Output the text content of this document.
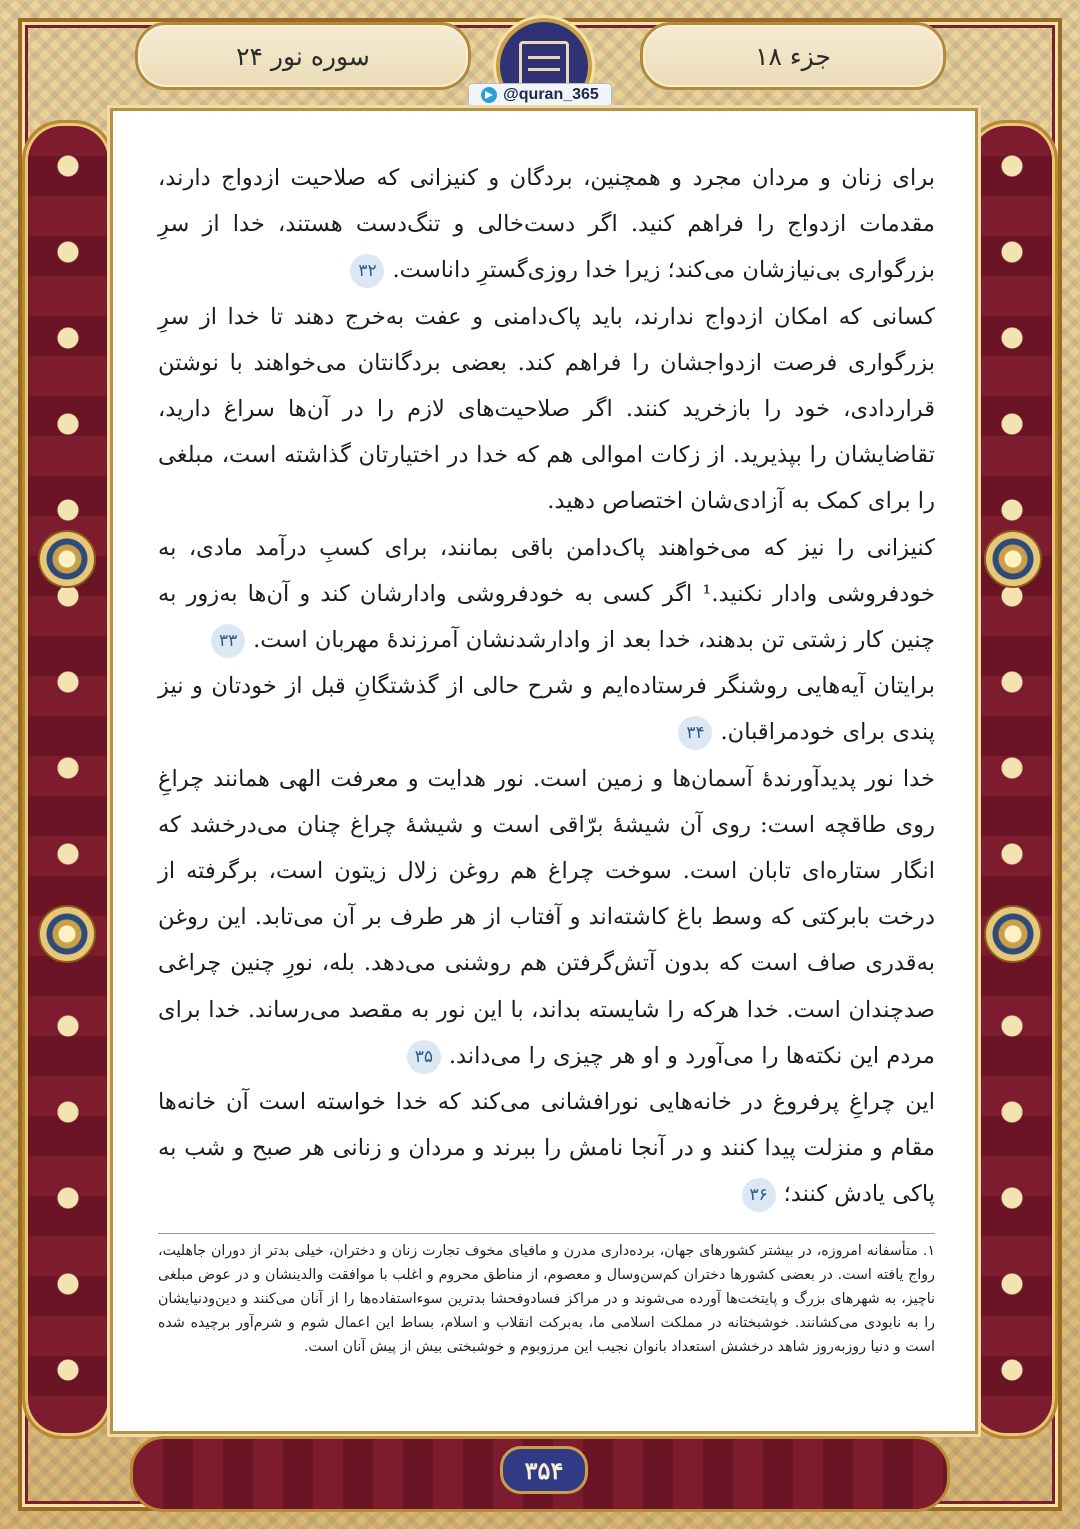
سوره نور ۲۴	جزء ۱۸
@quran_365

برای زنان و مردان مجرد و همچنین، بردگان و کنیزانی که صلاحیت ازدواج دارند، مقدمات ازدواج را فراهم کنید. اگر دست‌خالی و تنگ‌دست هستند، خدا از سرِ بزرگواری بی‌نیازشان می‌کند؛ زیرا خدا روزی‌گسترِ داناست.۳۲

کسانی که امکان ازدواج ندارند، باید پاک‌دامنی و عفت به‌خرج دهند تا خدا از سرِ بزرگواری فرصت ازدواجشان را فراهم کند. بعضی بردگانتان می‌خواهند با نوشتن قراردادی، خود را بازخرید کنند. اگر صلاحیت‌های لازم را در آن‌ها سراغ دارید، تقاضایشان را بپذیرید. از زکات اموالی هم که خدا در اختیارتان گذاشته است، مبلغی را برای کمک به آزادی‌شان اختصاص دهید.

کنیزانی را نیز که می‌خواهند پاک‌دامن باقی بمانند، برای کسبِ درآمد مادی، به خودفروشی وادار نکنید.¹ اگر کسی به خودفروشی وادارشان کند و آن‌ها به‌زور به چنین کار زشتی تن بدهند، خدا بعد از وادارشدنشان آمرزندهٔ مهربان است.۳۳

برایتان آیه‌هایی روشنگر فرستاده‌ایم و شرح حالی از گذشتگانِ قبل از خودتان و نیز پندی برای خودمراقبان.۳۴

خدا نور پدیدآورندهٔ آسمان‌ها و زمین است. نور هدایت و معرفت الهی همانند چراغِ روی طاقچه است: روی آن شیشهٔ برّاقی است و شیشهٔ چراغ چنان می‌درخشد که انگار ستاره‌ای تابان است. سوخت چراغ هم روغن زلال زیتون است، برگرفته از درخت بابرکتی که وسط باغ کاشته‌اند و آفتاب از هر طرف بر آن می‌تابد. این روغن به‌قدری صاف است که بدون آتش‌گرفتن هم روشنی می‌دهد. بله، نورِ چنین چراغی صدچندان است. خدا هرکه را شایسته بداند، با این نور به مقصد می‌رساند. خدا برای مردم این نکته‌ها را می‌آورد و او هر چیزی را می‌داند.۳۵

این چراغِ پرفروغ در خانه‌هایی نورافشانی می‌کند که خدا خواسته است آن خانه‌ها مقام و منزلت پیدا کنند و در آنجا نامش را ببرند و مردان و زنانی هر صبح و شب به پاکی یادش کنند؛۳۶

۱. متأسفانه امروزه، در بیشتر کشورهای جهان، برده‌داری مدرن و مافیای مخوف تجارت زنان و دختران، خیلی بدتر از دوران جاهلیت، رواج یافته است. در بعضی کشورها دختران کم‌سن‌وسال و معصوم، از مناطق محروم و اغلب با موافقت والدینشان و در عوض مبلغی ناچیز، به شهرهای بزرگ و پایتخت‌ها آورده می‌شوند و در مراکز فسادوفحشا بدترین سوءاستفاده‌ها را از آنان می‌کنند و دین‌ودنیایشان را به نابودی می‌کشانند. خوشبختانه در مملکت اسلامی ما، به‌برکت انقلاب و اسلام، بساط این اعمال شوم و شرم‌آور برچیده شده است و دنیا روزبه‌روز شاهد درخشش استعداد بانوان نجیب این مرزوبوم و خوشبختی بیش از پیش آنان است.
۳۵۴
